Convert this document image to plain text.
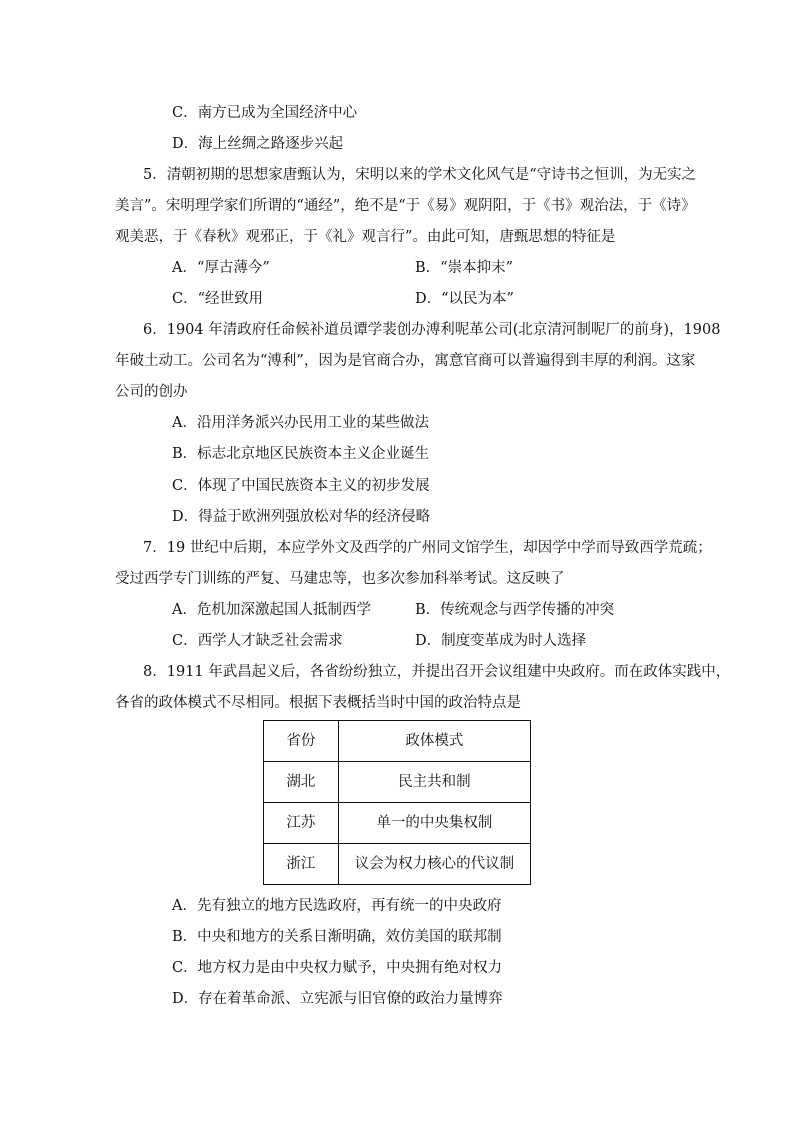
C．南方已成为全国经济中心
D．海上丝绸之路逐步兴起
5．清朝初期的思想家唐甄认为，宋明以来的学术文化风气是“守诗书之恒训，为无实之
美言”。宋明理学家们所谓的“通经”，绝不是“于《易》观阴阳，于《书》观治法，于《诗》
观美恶，于《春秋》观邪正，于《礼》观言行”。由此可知，唐甄思想的特征是
A．“厚古薄今”	B．“崇本抑末”
C．“经世致用	D．“以民为本”
6．1904 年清政府任命候补道员谭学裴创办溥利呢革公司(北京清河制呢厂的前身)，1908
年破土动工。公司名为“溥利”，因为是官商合办，寓意官商可以普遍得到丰厚的利润。这家
公司的创办
A．沿用洋务派兴办民用工业的某些做法
B．标志北京地区民族资本主义企业诞生
C．体现了中国民族资本主义的初步发展
D．得益于欧洲列强放松对华的经济侵略
7．19 世纪中后期，本应学外文及西学的广州同文馆学生，却因学中学而导致西学荒疏；
受过西学专门训练的严复、马建忠等，也多次参加科举考试。这反映了
A．危机加深激起国人抵制西学	B．传统观念与西学传播的冲突
C．西学人才缺乏社会需求	D．制度变革成为时人选择
8．1911 年武昌起义后，各省纷纷独立，并提出召开会议组建中央政府。而在政体实践中，
各省的政体模式不尽相同。根据下表概括当时中国的政治特点是
省份	政体模式
湖北	民主共和制
江苏	单一的中央集权制
浙江	议会为权力核心的代议制
A．先有独立的地方民选政府，再有统一的中央政府
B．中央和地方的关系日渐明确，效仿美国的联邦制
C．地方权力是由中央权力赋予，中央拥有绝对权力
D．存在着革命派、立宪派与旧官僚的政治力量博弈
